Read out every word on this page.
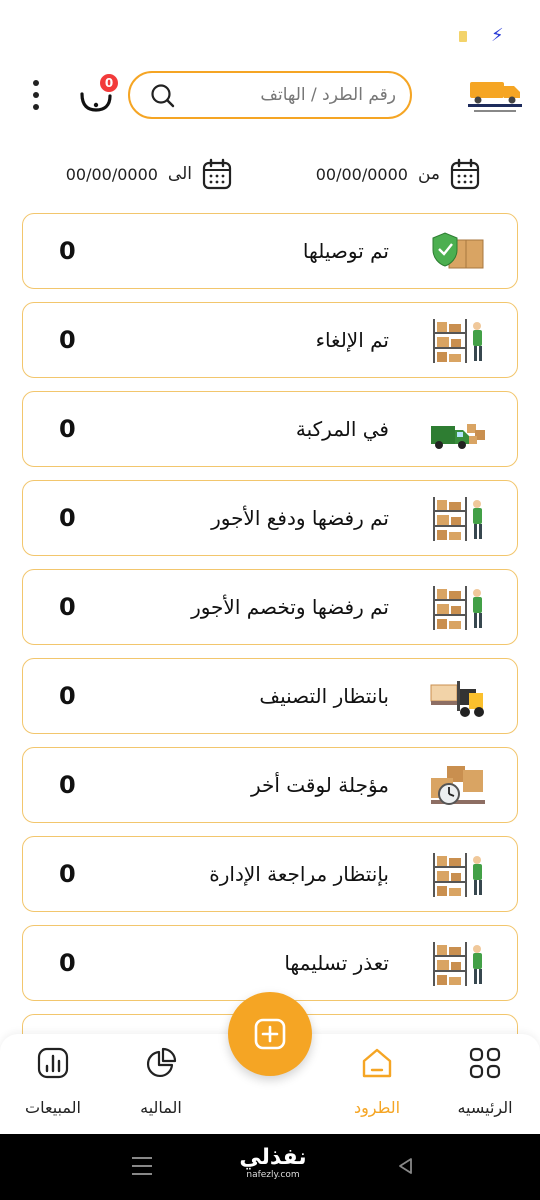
⚡
0
رقم الطرد / الهاتف
من
00/00/0000
الى
00/00/0000
0	تم توصيلها
0	تم الإلغاء
0	في المركبة
0	تم رفضها ودفع الأجور
0	تم رفضها وتخصم الأجور
0	بانتظار التصنيف
0	مؤجلة لوقت أخر
0	بإنتظار مراجعة الإدارة
0	تعذر تسليمها
الرئيسيه
الطرود
الماليه
المبيعات
نفذلي
nafezly.com
